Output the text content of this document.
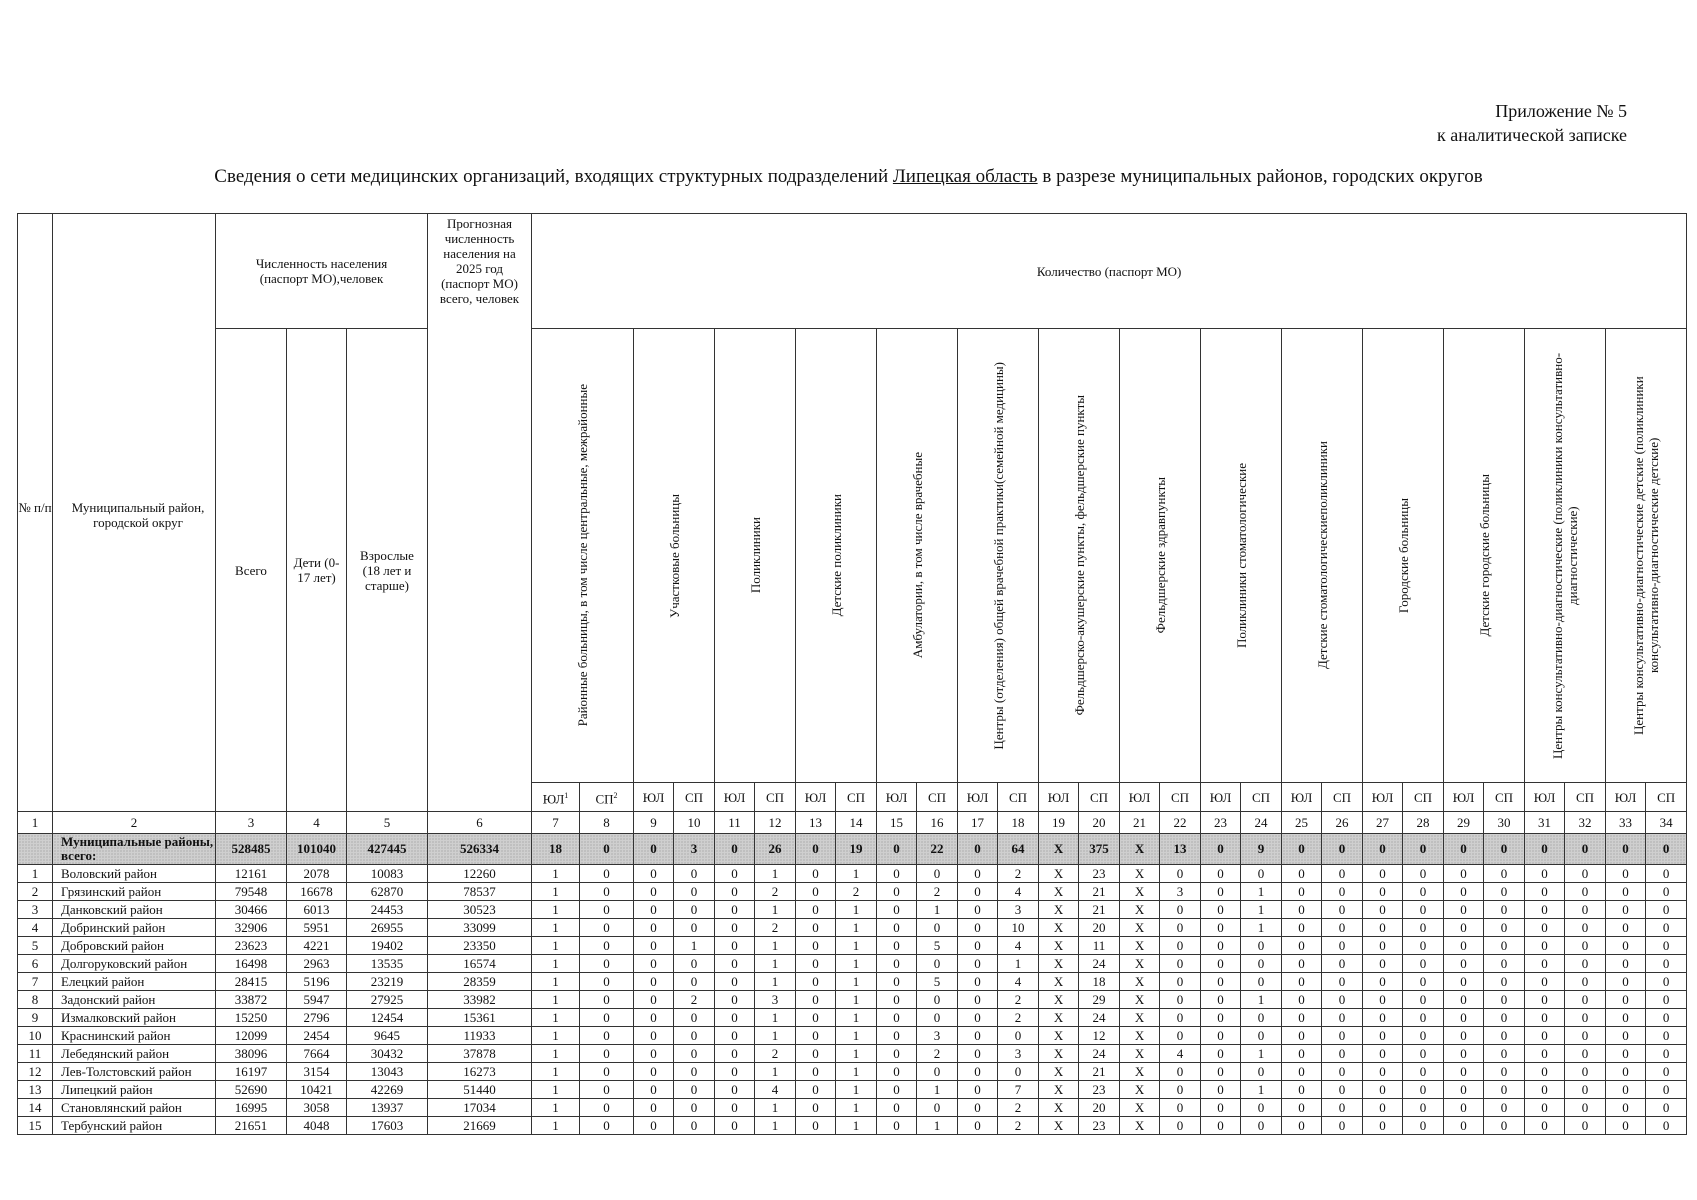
Приложение № 5
к аналитической записке
Сведения о сети медицинских организаций, входящих структурных подразделений Липецкая область в разрезе муниципальных районов, городских округов
№ п/п	Муниципальный район, городской округ	Численность населения (паспорт МО),человек			Прогнозная численность населения на 2025 год (паспорт МО) всего, человек	Количество (паспорт МО)																											
		Всего	Дети (0-17 лет)	Взрослые (18 лет и старше)		Районные больницы, в том числе центральные, межрайонные		Участковые больницы		Поликлиники		Детские поликлиники		Амбулатории, в том числе врачебные		Центры (отделения) общей врачебной практики(семейной медицины)		Фельдшерско-акушерские пункты, фельдшерские пункты		Фельдшерские здравпункты		Поликлиники стоматологические		Детские стоматологическиеполиклиники		Городские больницы		Детские городские больницы		Центры консультативно-диагностические (поликлиники консультативно-диагностические)		Центры консультативно-диагностические детские (поликлиники консультативно-диагностические детские)	

						$ЮЛ^1$	$СП^2$	ЮЛ	СП	ЮЛ	СП	ЮЛ	СП	ЮЛ	СП	ЮЛ	СП	ЮЛ	СП	ЮЛ	СП	ЮЛ	СП	ЮЛ	СП	ЮЛ	СП	ЮЛ	СП	ЮЛ	СП	ЮЛ	СП
1	2	3	4	5	6	7	8	9	10	11	12	13	14	15	16	17	18	19	20	21	22	23	24	25	26	27	28	29	30	31	32	33	34
	Муниципальные районы, всего:	528485	101040	427445	526334	18	0	0	3	0	26	0	19	0	22	0	64	X	375	X	13	0	9	0	0	0	0	0	0	0	0	0	0
1	Воловский район	12161	2078	10083	12260	1	0	0	0	0	1	0	1	0	0	0	2	X	23	X	0	0	0	0	0	0	0	0	0	0	0	0	0
2	Грязинский район	79548	16678	62870	78537	1	0	0	0	0	2	0	2	0	2	0	4	X	21	X	3	0	1	0	0	0	0	0	0	0	0	0	0
3	Данковский район	30466	6013	24453	30523	1	0	0	0	0	1	0	1	0	1	0	3	X	21	X	0	0	1	0	0	0	0	0	0	0	0	0	0
4	Добринский район	32906	5951	26955	33099	1	0	0	0	0	2	0	1	0	0	0	10	X	20	X	0	0	1	0	0	0	0	0	0	0	0	0	0
5	Добровский район	23623	4221	19402	23350	1	0	0	1	0	1	0	1	0	5	0	4	X	11	X	0	0	0	0	0	0	0	0	0	0	0	0	0
6	Долгоруковский район	16498	2963	13535	16574	1	0	0	0	0	1	0	1	0	0	0	1	X	24	X	0	0	0	0	0	0	0	0	0	0	0	0	0
7	Елецкий район	28415	5196	23219	28359	1	0	0	0	0	1	0	1	0	5	0	4	X	18	X	0	0	0	0	0	0	0	0	0	0	0	0	0
8	Задонский район	33872	5947	27925	33982	1	0	0	2	0	3	0	1	0	0	0	2	X	29	X	0	0	1	0	0	0	0	0	0	0	0	0	0
9	Измалковский район	15250	2796	12454	15361	1	0	0	0	0	1	0	1	0	0	0	2	X	24	X	0	0	0	0	0	0	0	0	0	0	0	0	0
10	Краснинский район	12099	2454	9645	11933	1	0	0	0	0	1	0	1	0	3	0	0	X	12	X	0	0	0	0	0	0	0	0	0	0	0	0	0
11	Лебедянский район	38096	7664	30432	37878	1	0	0	0	0	2	0	1	0	2	0	3	X	24	X	4	0	1	0	0	0	0	0	0	0	0	0	0
12	Лев-Толстовский район	16197	3154	13043	16273	1	0	0	0	0	1	0	1	0	0	0	0	X	21	X	0	0	0	0	0	0	0	0	0	0	0	0	0
13	Липецкий район	52690	10421	42269	51440	1	0	0	0	0	4	0	1	0	1	0	7	X	23	X	0	0	1	0	0	0	0	0	0	0	0	0	0
14	Становлянский район	16995	3058	13937	17034	1	0	0	0	0	1	0	1	0	0	0	2	X	20	X	0	0	0	0	0	0	0	0	0	0	0	0	0
15	Тербунский район	21651	4048	17603	21669	1	0	0	0	0	1	0	1	0	1	0	2	X	23	X	0	0	0	0	0	0	0	0	0	0	0	0	0
